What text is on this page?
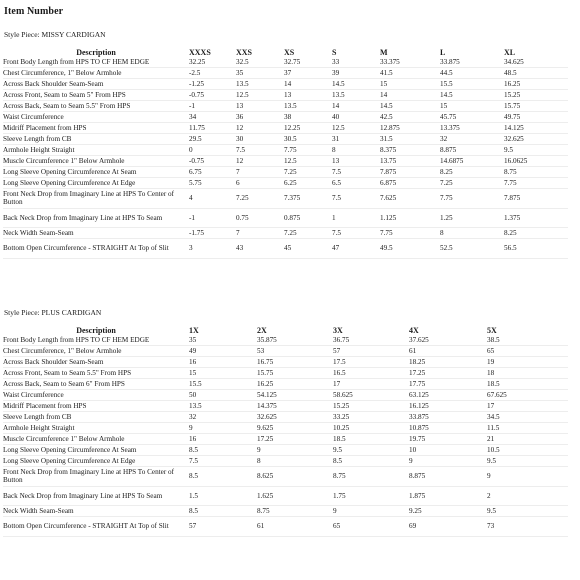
Item Number
Style Piece: MISSY CARDIGAN
Description	XXXS	XXS	XS	S	M	L	XL
Front Body Length from HPS TO CF HEM EDGE	32.25	32.5	32.75	33	33.375	33.875	34.625
Chest Circumference, 1" Below Armhole	-2.5	35	37	39	41.5	44.5	48.5
Across Back Shoulder Seam-Seam	-1.25	13.5	14	14.5	15	15.5	16.25
Across Front, Seam to Seam 5" From HPS	-0.75	12.5	13	13.5	14	14.5	15.25
Across Back, Seam to Seam 5.5" From HPS	-1	13	13.5	14	14.5	15	15.75
Waist Circumference	34	36	38	40	42.5	45.75	49.75
Midriff Placement from HPS	11.75	12	12.25	12.5	12.875	13.375	14.125
Sleeve Length from CB	29.5	30	30.5	31	31.5	32	32.625
Armhole Height Straight	0	7.5	7.75	8	8.375	8.875	9.5
Muscle Circumference 1" Below Armhole	-0.75	12	12.5	13	13.75	14.6875	16.0625
Long Sleeve Opening Circumference At Seam	6.75	7	7.25	7.5	7.875	8.25	8.75
Long Sleeve Opening Circumference At Edge	5.75	6	6.25	6.5	6.875	7.25	7.75
Front Neck Drop from Imaginary Line at HPS To Center of Button	4	7.25	7.375	7.5	7.625	7.75	7.875
Back Neck Drop from Imaginary Line at HPS To Seam	-1	0.75	0.875	1	1.125	1.25	1.375
Neck Width Seam-Seam	-1.75	7	7.25	7.5	7.75	8	8.25
Bottom Open Circumference - STRAIGHT At Top of Slit	3	43	45	47	49.5	52.5	56.5
Style Piece: PLUS CARDIGAN
Description	1X	2X	3X	4X	5X
Front Body Length from HPS TO CF HEM EDGE	35	35.875	36.75	37.625	38.5
Chest Circumference, 1" Below Armhole	49	53	57	61	65
Across Back Shoulder Seam-Seam	16	16.75	17.5	18.25	19
Across Front, Seam to Seam 5.5" From HPS	15	15.75	16.5	17.25	18
Across Back, Seam to Seam 6" From HPS	15.5	16.25	17	17.75	18.5
Waist Circumference	50	54.125	58.625	63.125	67.625
Midriff Placement from HPS	13.5	14.375	15.25	16.125	17
Sleeve Length from CB	32	32.625	33.25	33.875	34.5
Armhole Height Straight	9	9.625	10.25	10.875	11.5
Muscle Circumference 1" Below Armhole	16	17.25	18.5	19.75	21
Long Sleeve Opening Circumference At Seam	8.5	9	9.5	10	10.5
Long Sleeve Opening Circumference At Edge	7.5	8	8.5	9	9.5
Front Neck Drop from Imaginary Line at HPS To Center of Button	8.5	8.625	8.75	8.875	9
Back Neck Drop from Imaginary Line at HPS To Seam	1.5	1.625	1.75	1.875	2
Neck Width Seam-Seam	8.5	8.75	9	9.25	9.5
Bottom Open Circumference - STRAIGHT At Top of Slit	57	61	65	69	73
